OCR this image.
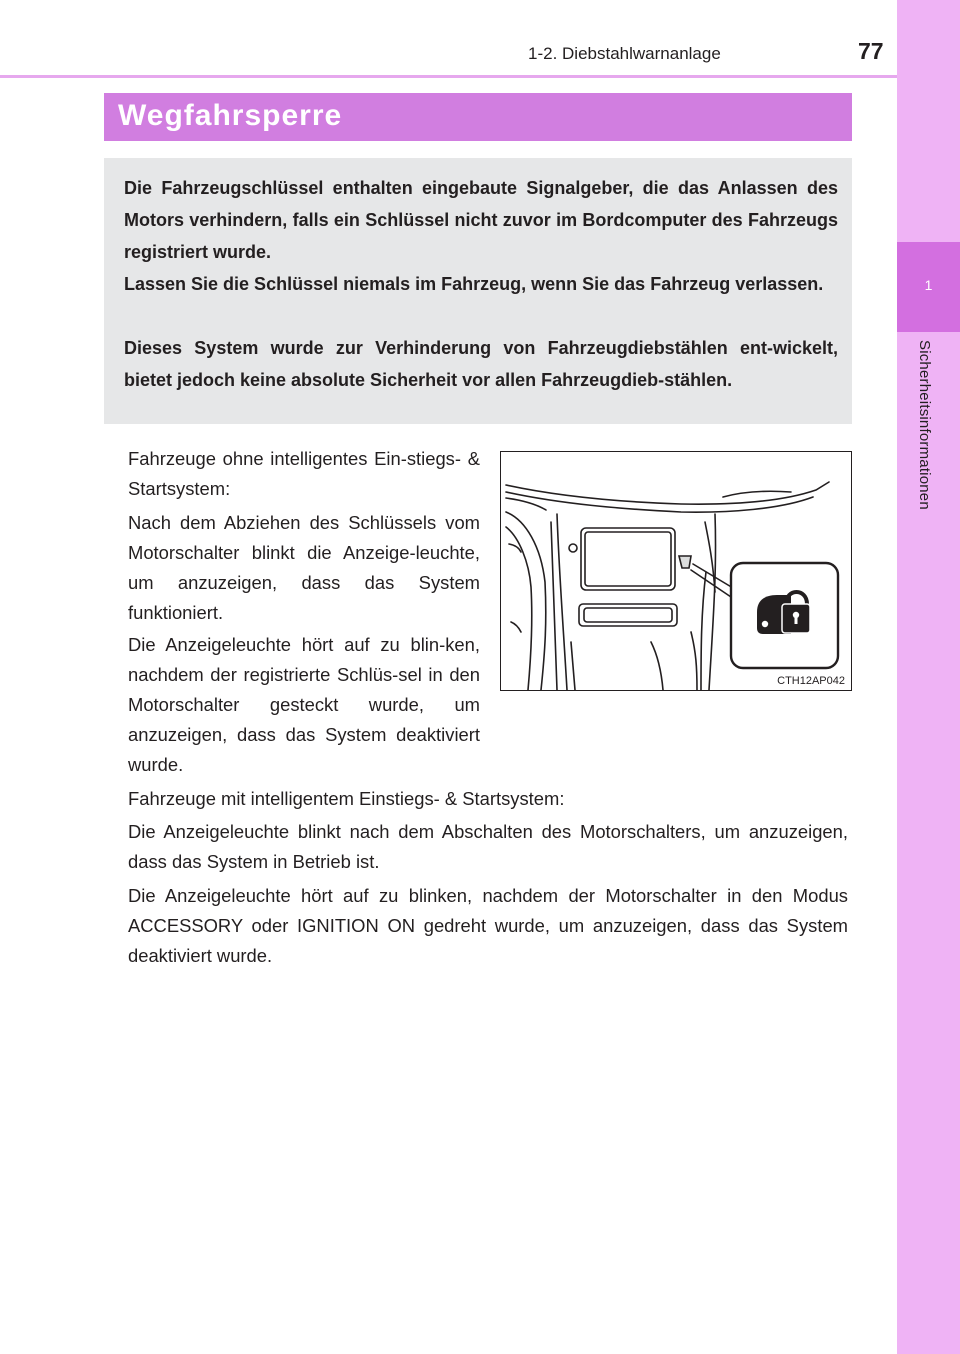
1-2. Diebstahlwarnanlage	77
1
Sicherheitsinformationen
Wegfahrsperre

Die Fahrzeugschlüssel enthalten eingebaute Signalgeber, die das Anlassen des Motors verhindern, falls ein Schlüssel nicht zuvor im Bordcomputer des Fahrzeugs registriert wurde.

Lassen Sie die Schlüssel niemals im Fahrzeug, wenn Sie das Fahrzeug verlassen.

Dieses System wurde zur Verhinderung von Fahrzeugdiebstählen ent-wickelt, bietet jedoch keine absolute Sicherheit vor allen Fahrzeugdieb-stählen.

Fahrzeuge ohne intelligentes Ein-stiegs- & Startsystem:

Nach dem Abziehen des Schlüssels vom Motorschalter blinkt die Anzeige-leuchte, um anzuzeigen, dass das System funktioniert.

Die Anzeigeleuchte hört auf zu blin-ken, nachdem der registrierte Schlüs-sel in den Motorschalter gesteckt wurde, um anzuzeigen, dass das System deaktiviert wurde.

Fahrzeuge mit intelligentem Einstiegs- & Startsystem:

Die Anzeigeleuchte blinkt nach dem Abschalten des Motorschalters, um anzuzeigen, dass das System in Betrieb ist.

Die Anzeigeleuchte hört auf zu blinken, nachdem der Motorschalter in den Modus ACCESSORY oder IGNITION ON gedreht wurde, um anzuzeigen, dass das System deaktiviert wurde.

CTH12AP042
